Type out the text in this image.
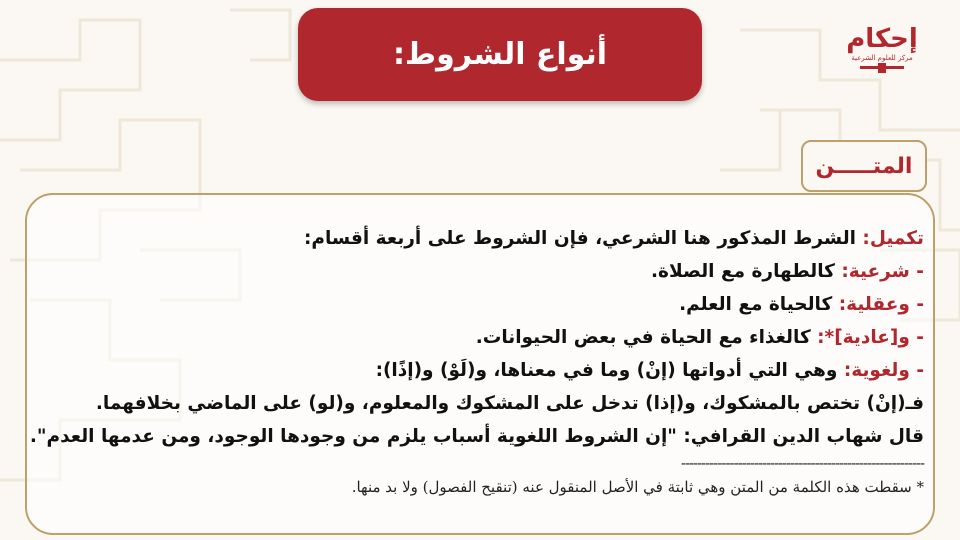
أنواع الشروط:	إحكام
مركز للعلوم الشرعية
المتـــــن
تكميل: الشرط المذكور هنا الشرعي، فإن الشروط على أربعة أقسام:
- شرعية: كالطهارة مع الصلاة.
- وعقلية: كالحياة مع العلم.
- و[عادية]*: كالغذاء مع الحياة في بعض الحيوانات.
- ولغوية: وهي التي أدواتها (إنْ) وما في معناها، و(لَوْ) و(إذًا):
فـ(إنْ) تختص بالمشكوك، و(إذا) تدخل على المشكوك والمعلوم، و(لو) على الماضي بخلافهما.
قال شهاب الدين القرافي: "إن الشروط اللغوية أسباب يلزم من وجودها الوجود، ومن عدمها العدم".
------------------------------------------------------------
* سقطت هذه الكلمة من المتن وهي ثابتة في الأصل المنقول عنه (تنقيح الفصول) ولا بد منها.
